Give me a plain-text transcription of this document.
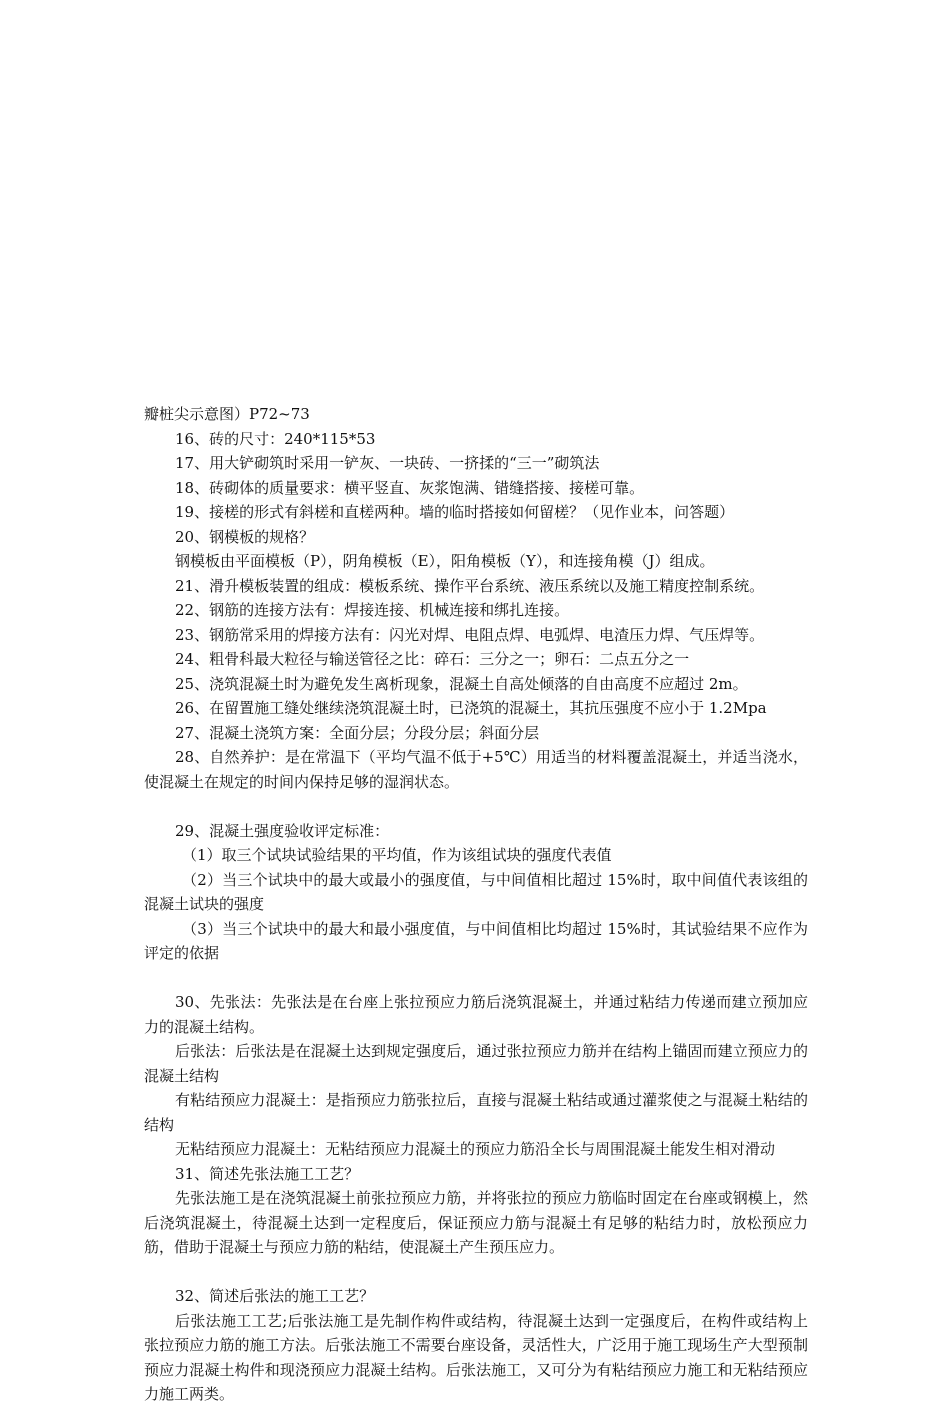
瓣桩尖示意图）P72~73

16、砖的尺寸：240*115*53

17、用大铲砌筑时采用一铲灰、一块砖、一挤揉的“三一”砌筑法

18、砖砌体的质量要求：横平竖直、灰浆饱满、错缝搭接、接槎可靠。

19、接槎的形式有斜槎和直槎两种。墙的临时搭接如何留槎？（见作业本，问答题）

20、钢模板的规格？

钢模板由平面模板（P），阴角模板（E），阳角模板（Y），和连接角模（J）组成。

21、滑升模板装置的组成：模板系统、操作平台系统、液压系统以及施工精度控制系统。

22、钢筋的连接方法有：焊接连接、机械连接和绑扎连接。

23、钢筋常采用的焊接方法有：闪光对焊、电阻点焊、电弧焊、电渣压力焊、气压焊等。

24、粗骨科最大粒径与输送管径之比：碎石：三分之一；卵石：二点五分之一

25、浇筑混凝土时为避免发生离析现象，混凝土自高处倾落的自由高度不应超过 2m。

26、在留置施工缝处继续浇筑混凝土时，已浇筑的混凝土，其抗压强度不应小于 1.2Mpa

27、混凝土浇筑方案：全面分层；分段分层；斜面分层

28、自然养护：是在常温下（平均气温不低于+5℃）用适当的材料覆盖混凝土，并适当浇水，使混凝土在规定的时间内保持足够的湿润状态。

29、混凝土强度验收评定标准：

（1）取三个试块试验结果的平均值，作为该组试块的强度代表值

（2）当三个试块中的最大或最小的强度值，与中间值相比超过 15%时，取中间值代表该组的混凝土试块的强度

（3）当三个试块中的最大和最小强度值，与中间值相比均超过 15%时，其试验结果不应作为评定的依据

30、先张法：先张法是在台座上张拉预应力筋后浇筑混凝土，并通过粘结力传递而建立预加应力的混凝土结构。

后张法：后张法是在混凝土达到规定强度后，通过张拉预应力筋并在结构上锚固而建立预应力的混凝土结构

有粘结预应力混凝土：是指预应力筋张拉后，直接与混凝土粘结或通过灌浆使之与混凝土粘结的结构

无粘结预应力混凝土：无粘结预应力混凝土的预应力筋沿全长与周围混凝土能发生相对滑动

31、简述先张法施工工艺？

先张法施工是在浇筑混凝土前张拉预应力筋，并将张拉的预应力筋临时固定在台座或钢模上，然后浇筑混凝土，待混凝土达到一定程度后，保证预应力筋与混凝土有足够的粘结力时，放松预应力筋，借助于混凝土与预应力筋的粘结，使混凝土产生预压应力。

32、简述后张法的施工工艺？

后张法施工工艺;后张法施工是先制作构件或结构，待混凝土达到一定强度后，在构件或结构上张拉预应力筋的施工方法。后张法施工不需要台座设备，灵活性大，广泛用于施工现场生产大型预制预应力混凝土构件和现浇预应力混凝土结构。后张法施工，又可分为有粘结预应力施工和无粘结预应力施工两类。
